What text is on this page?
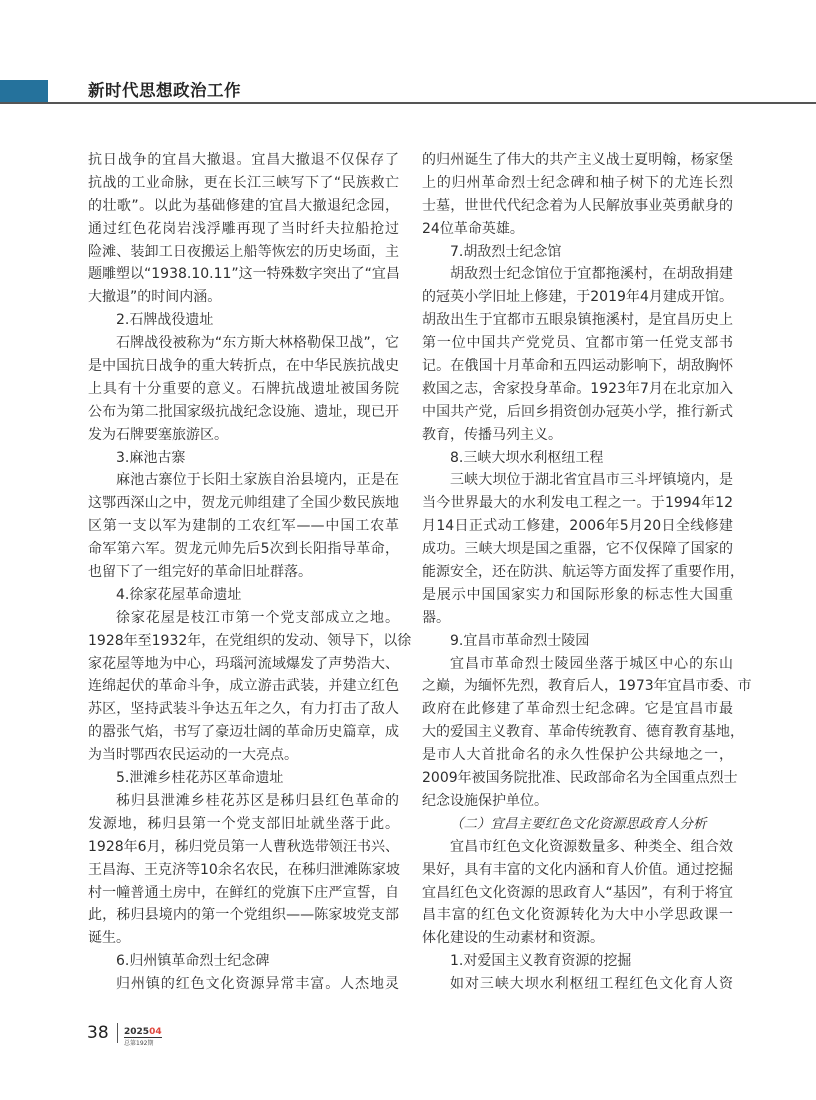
新时代思想政治工作
抗日战争的宜昌大撤退。宜昌大撤退不仅保存了
抗战的工业命脉，更在长江三峡写下了“民族救亡
的壮歌”。以此为基础修建的宜昌大撤退纪念园，
通过红色花岗岩浅浮雕再现了当时纤夫拉船抢过
险滩、装卸工日夜搬运上船等恢宏的历史场面，主
题雕塑以“1938.10.11”这一特殊数字突出了“宜昌
大撤退”的时间内涵。
2.石牌战役遗址
石牌战役被称为“东方斯大林格勒保卫战”，它
是中国抗日战争的重大转折点，在中华民族抗战史
上具有十分重要的意义。石牌抗战遗址被国务院
公布为第二批国家级抗战纪念设施、遗址，现已开
发为石牌要塞旅游区。
3.麻池古寨
麻池古寨位于长阳土家族自治县境内，正是在
这鄂西深山之中，贺龙元帅组建了全国少数民族地
区第一支以军为建制的工农红军——中国工农革
命军第六军。贺龙元帅先后5次到长阳指导革命，
也留下了一组完好的革命旧址群落。
4.徐家花屋革命遗址
徐家花屋是枝江市第一个党支部成立之地。
1928年至1932年，在党组织的发动、领导下，以徐
家花屋等地为中心，玛瑙河流域爆发了声势浩大、
连绵起伏的革命斗争，成立游击武装，并建立红色
苏区，坚持武装斗争达五年之久，有力打击了敌人
的嚣张气焰，书写了豪迈壮阔的革命历史篇章，成
为当时鄂西农民运动的一大亮点。
5.泄滩乡桂花苏区革命遗址
秭归县泄滩乡桂花苏区是秭归县红色革命的
发源地，秭归县第一个党支部旧址就坐落于此。
1928年6月，秭归党员第一人曹秋选带领汪书兴、
王昌海、王克济等10余名农民，在秭归泄滩陈家坡
村一幢普通土房中，在鲜红的党旗下庄严宣誓，自
此，秭归县境内的第一个党组织——陈家坡党支部
诞生。
6.归州镇革命烈士纪念碑
归州镇的红色文化资源异常丰富。人杰地灵
的归州诞生了伟大的共产主义战士夏明翰，杨家堡
上的归州革命烈士纪念碑和柚子树下的尤连长烈
士墓，世世代代纪念着为人民解放事业英勇献身的
24位革命英雄。
7.胡敌烈士纪念馆
胡敌烈士纪念馆位于宜都拖溪村，在胡敌捐建
的冠英小学旧址上修建，于2019年4月建成开馆。
胡敌出生于宜都市五眼泉镇拖溪村，是宜昌历史上
第一位中国共产党党员、宜都市第一任党支部书
记。在俄国十月革命和五四运动影响下，胡敌胸怀
救国之志，舍家投身革命。1923年7月在北京加入
中国共产党，后回乡捐资创办冠英小学，推行新式
教育，传播马列主义。
8.三峡大坝水利枢纽工程
三峡大坝位于湖北省宜昌市三斗坪镇境内，是
当今世界最大的水利发电工程之一。于1994年12
月14日正式动工修建，2006年5月20日全线修建
成功。三峡大坝是国之重器，它不仅保障了国家的
能源安全，还在防洪、航运等方面发挥了重要作用，
是展示中国国家实力和国际形象的标志性大国重
器。
9.宜昌市革命烈士陵园
宜昌市革命烈士陵园坐落于城区中心的东山
之巅，为缅怀先烈，教育后人，1973年宜昌市委、市
政府在此修建了革命烈士纪念碑。它是宜昌市最
大的爱国主义教育、革命传统教育、德育教育基地，
是市人大首批命名的永久性保护公共绿地之一，
2009年被国务院批准、民政部命名为全国重点烈士
纪念设施保护单位。
（二）宜昌主要红色文化资源思政育人分析
宜昌市红色文化资源数量多、种类全、组合效
果好，具有丰富的文化内涵和育人价值。通过挖掘
宜昌红色文化资源的思政育人“基因”，有利于将宜
昌丰富的红色文化资源转化为大中小学思政课一
体化建设的生动素材和资源。
1.对爱国主义教育资源的挖掘
如对三峡大坝水利枢纽工程红色文化育人资
38 202504
总第192期
